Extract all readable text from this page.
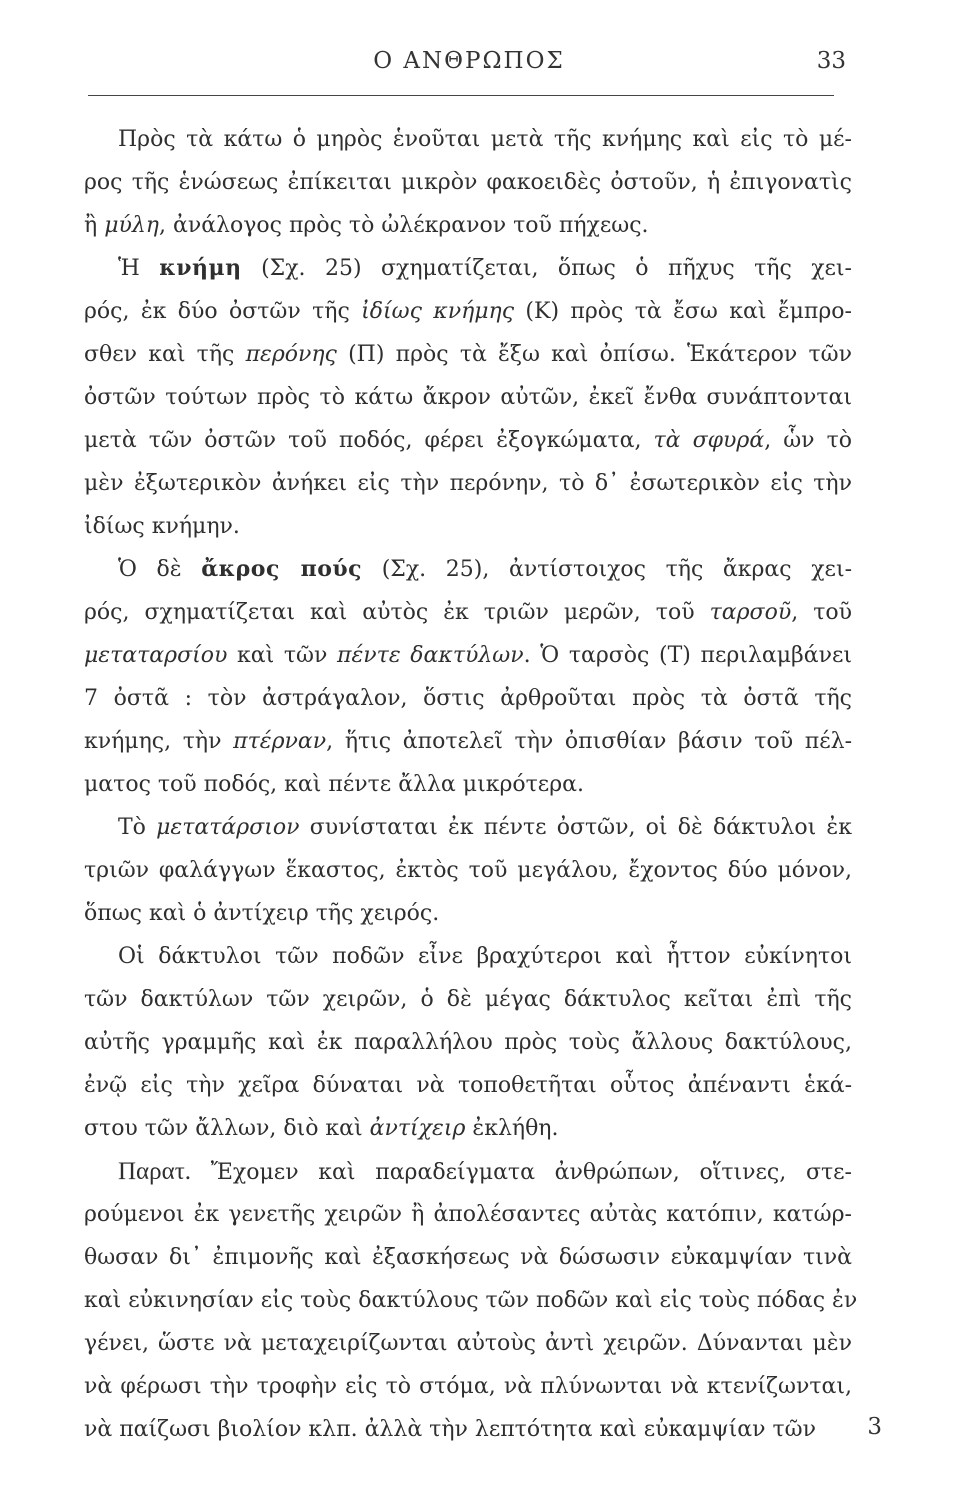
Ο ΑΝΘΡΩΠΟΣ	33
Πρὸς τὰ κάτω ὁ μηρὸς ἑνοῦται μετὰ τῆς κνήμης καὶ εἰς τὸ μέ-
ρος τῆς ἑνώσεως ἐπίκειται μικρὸν φακοειδὲς ὀστοῦν, ἡ ἐπιγονατὶς
ἢ μύλη, ἀνάλογος πρὸς τὸ ὠλέκρανον τοῦ πήχεως.
Ἡ κνήμη (Σχ. 25) σχηματίζεται, ὅπως ὁ πῆχυς τῆς χει-
ρός, ἐκ δύο ὀστῶν τῆς ἰδίως κνήμης (Κ) πρὸς τὰ ἔσω καὶ ἔμπρο-
σθεν καὶ τῆς περόνης (Π) πρὸς τὰ ἔξω καὶ ὀπίσω. Ἑκάτερον τῶν
ὀστῶν τούτων πρὸς τὸ κάτω ἄκρον αὐτῶν, ἐκεῖ ἔνθα συνάπτονται
μετὰ τῶν ὀστῶν τοῦ ποδός, φέρει ἐξογκώματα, τὰ σφυρά, ὧν τὸ
μὲν ἐξωτερικὸν ἀνήκει εἰς τὴν περόνην, τὸ δ᾽ ἐσωτερικὸν εἰς τὴν
ἰδίως κνήμην.
Ὁ δὲ ἄκρος πούς (Σχ. 25), ἀντίστοιχος τῆς ἄκρας χει-
ρός, σχηματίζεται καὶ αὐτὸς ἐκ τριῶν μερῶν, τοῦ ταρσοῦ, τοῦ
μεταταρσίου καὶ τῶν πέντε δακτύλων. Ὁ ταρσὸς (Τ) περιλαμβάνει
7 ὀστᾶ : τὸν ἀστράγαλον, ὅστις ἀρθροῦται πρὸς τὰ ὀστᾶ τῆς
κνήμης, τὴν πτέρναν, ἥτις ἀποτελεῖ τὴν ὀπισθίαν βάσιν τοῦ πέλ-
ματος τοῦ ποδός, καὶ πέντε ἄλλα μικρότερα.
Τὸ μετατάρσιον συνίσταται ἐκ πέντε ὀστῶν, οἱ δὲ δάκτυλοι ἐκ
τριῶν φαλάγγων ἕκαστος, ἐκτὸς τοῦ μεγάλου, ἔχοντος δύο μόνον,
ὅπως καὶ ὁ ἀντίχειρ τῆς χειρός.
Οἱ δάκτυλοι τῶν ποδῶν εἶνε βραχύτεροι καὶ ἧττον εὐκίνητοι
τῶν δακτύλων τῶν χειρῶν, ὁ δὲ μέγας δάκτυλος κεῖται ἐπὶ τῆς
αὐτῆς γραμμῆς καὶ ἐκ παραλλήλου πρὸς τοὺς ἄλλους δακτύλους,
ἐνῷ εἰς τὴν χεῖρα δύναται νὰ τοποθετῆται οὗτος ἀπέναντι ἑκά-
στου τῶν ἄλλων, διὸ καὶ ἀντίχειρ ἐκλήθη.
Παρατ. Ἔχομεν καὶ παραδείγματα ἀνθρώπων, οἵτινες, στε-
ρούμενοι ἐκ γενετῆς χειρῶν ἢ ἀπολέσαντες αὐτὰς κατόπιν, κατώρ-
θωσαν δι᾽ ἐπιμονῆς καὶ ἐξασκήσεως νὰ δώσωσιν εὐκαμψίαν τινὰ
καὶ εὐκινησίαν εἰς τοὺς δακτύλους τῶν ποδῶν καὶ εἰς τοὺς πόδας ἐν
γένει, ὥστε νὰ μεταχειρίζωνται αὐτοὺς ἀντὶ χειρῶν. Δύνανται μὲν
νὰ φέρωσι τὴν τροφὴν εἰς τὸ στόμα, νὰ πλύνωνται νὰ κτενίζωνται,
νὰ παίζωσι βιολίον κλπ. ἀλλὰ τὴν λεπτότητα καὶ εὐκαμψίαν τῶν	3
